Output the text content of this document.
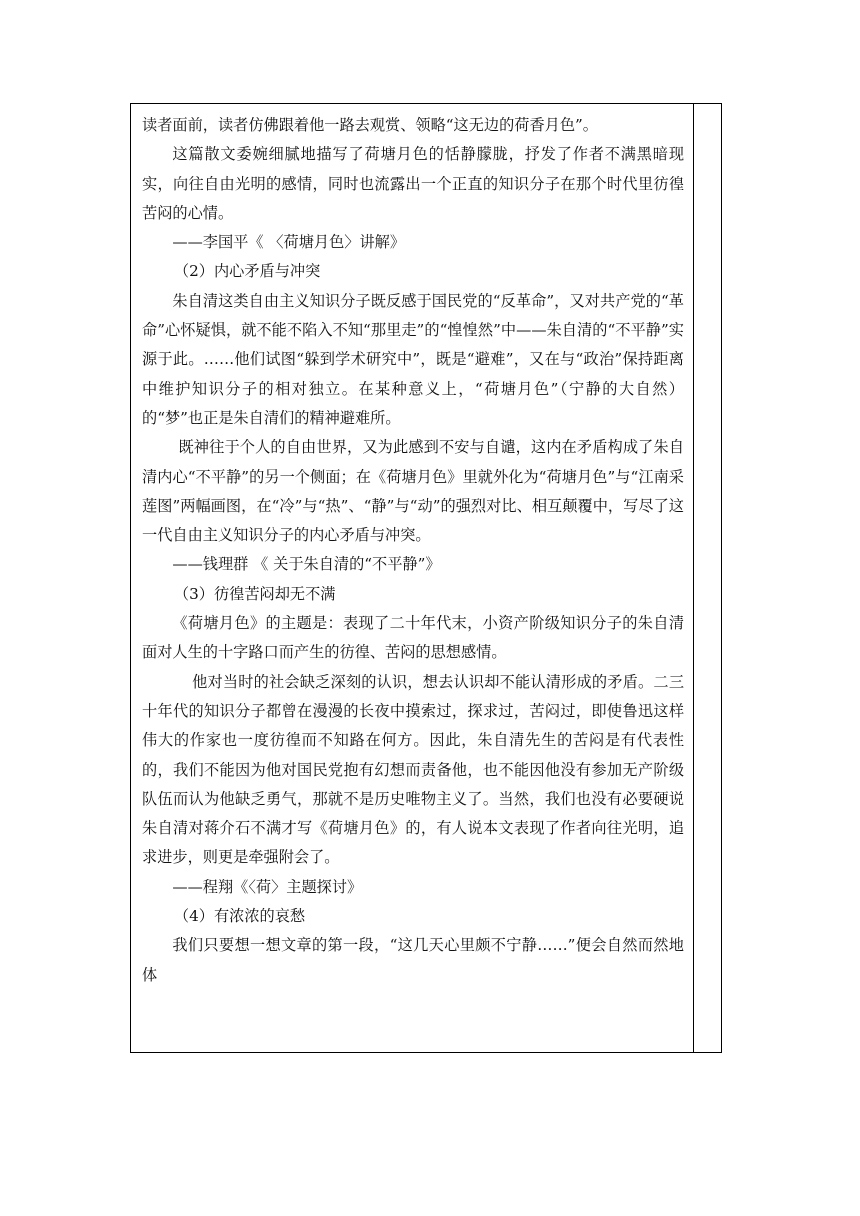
读者面前，读者仿佛跟着他一路去观赏、领略“这无边的荷香月色”。

这篇散文委婉细腻地描写了荷塘月色的恬静朦胧，抒发了作者不满黑暗现实，向往自由光明的感情，同时也流露出一个正直的知识分子在那个时代里彷徨苦闷的心情。

——李国平《 〈荷塘月色〉讲解》

（2）内心矛盾与冲突

朱自清这类自由主义知识分子既反感于国民党的“反革命”，又对共产党的“革命”心怀疑惧，就不能不陷入不知“那里走”的“惶惶然”中——朱自清的“不平静”实源于此。……他们试图“躲到学术研究中”，既是“避难”，又在与“政治”保持距离中维护知识分子的相对独立。在某种意义上，“荷塘月色”（宁静的大自然）的“梦”也正是朱自清们的精神避难所。

既神往于个人的自由世界，又为此感到不安与自谴，这内在矛盾构成了朱自清内心“不平静”的另一个侧面；在《荷塘月色》里就外化为“荷塘月色”与“江南采莲图”两幅画图，在“冷”与“热”、“静”与“动”的强烈对比、相互颠覆中，写尽了这一代自由主义知识分子的内心矛盾与冲突。

——钱理群 《 关于朱自清的“不平静”》

（3）彷徨苦闷却无不满

《荷塘月色》的主题是：表现了二十年代末，小资产阶级知识分子的朱自清面对人生的十字路口而产生的彷徨、苦闷的思想感情。

他对当时的社会缺乏深刻的认识，想去认识却不能认清形成的矛盾。二三十年代的知识分子都曾在漫漫的长夜中摸索过，探求过，苦闷过，即使鲁迅这样伟大的作家也一度彷徨而不知路在何方。因此，朱自清先生的苦闷是有代表性的，我们不能因为他对国民党抱有幻想而责备他，也不能因他没有参加无产阶级队伍而认为他缺乏勇气，那就不是历史唯物主义了。当然，我们也没有必要硬说朱自清对蒋介石不满才写《荷塘月色》的，有人说本文表现了作者向往光明，追求进步，则更是牵强附会了。

——程翔《〈荷〉主题探讨》

（4）有浓浓的哀愁

我们只要想一想文章的第一段，“这几天心里颇不宁静……”便会自然而然地体
